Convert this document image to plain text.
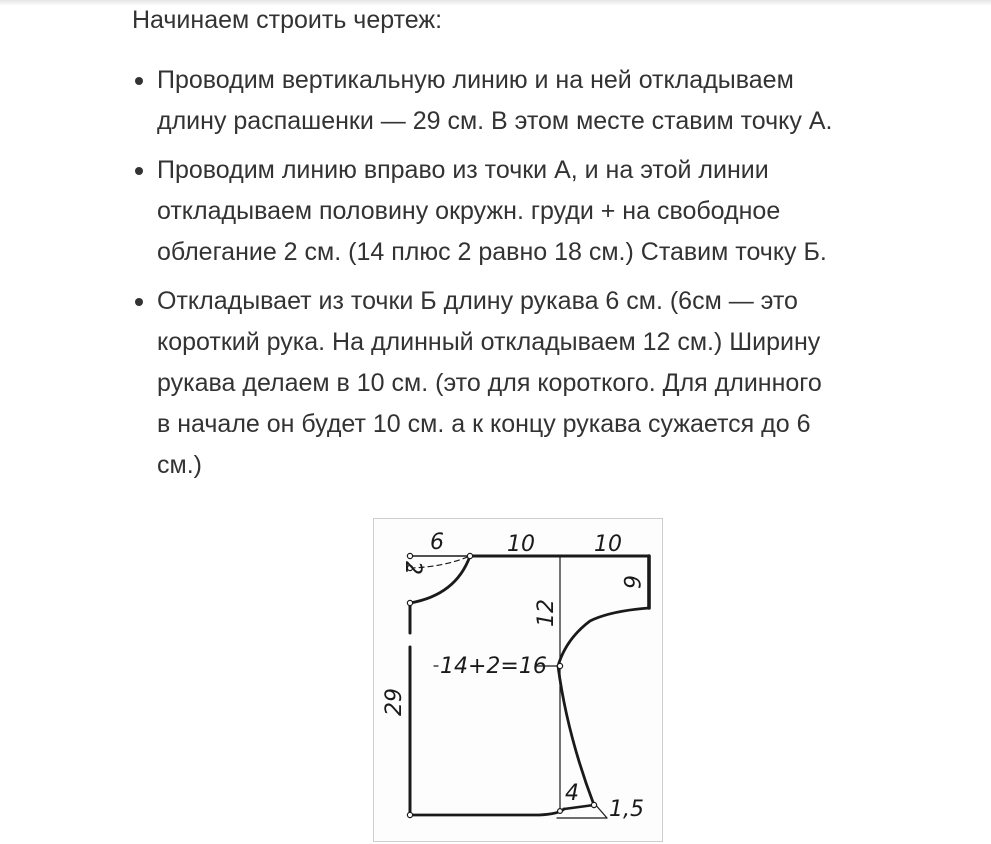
Начинаем строить чертеж:

Проводим вертикальную линию и на ней откладываем
длину распашенки — 29 см. В этом месте ставим точку А.
Проводим линию вправо из точки А, и на этой линии
откладываем половину окружн. груди + на свободное
облегание 2 см. (14 плюс 2 равно 18 см.) Ставим точку Б.
Откладывает из точки Б длину рукава 6 см. (6см — это
короткий рука. На длинный откладываем 12 см.) Ширину
рукава делаем в 10 см. (это для короткого. Для длинного
в начале он будет 10 см. а к концу рукава сужается до 6
см.)
6	10	10
2
6
12
29
14+2=16
4
1,5
